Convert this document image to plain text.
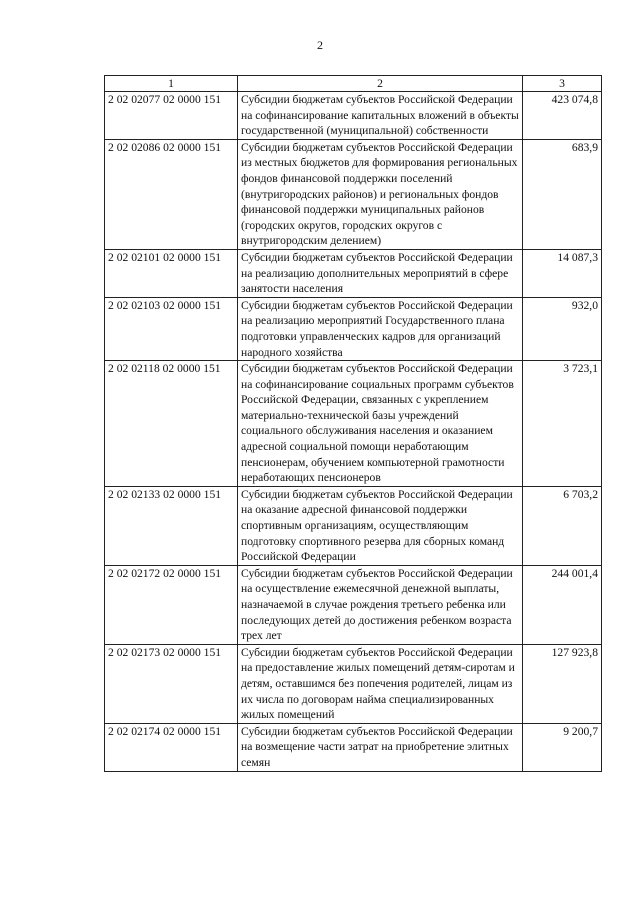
2
1	2	3
2 02 02077 02 0000 151	Субсидии бюджетам субъектов Российской Федерации на софинансирование капитальных вложений в объекты государственной (муниципальной) собственности	423 074,8
2 02 02086 02 0000 151	Субсидии бюджетам субъектов Российской Федерации из местных бюджетов для формирования региональных фондов финансовой поддержки поселений (внутригородских районов) и региональных фондов финансовой поддержки муниципальных районов (городских округов, городских округов с внутригородским делением)	683,9
2 02 02101 02 0000 151	Субсидии бюджетам субъектов Российской Федерации на реализацию дополнительных мероприятий в сфере занятости населения	14 087,3
2 02 02103 02 0000 151	Субсидии бюджетам субъектов Российской Федерации на реализацию мероприятий Государственного плана подготовки управленческих кадров для организаций народного хозяйства	932,0
2 02 02118 02 0000 151	Субсидии бюджетам субъектов Российской Федерации на софинансирование социальных программ субъектов Российской Федерации, связанных с укреплением материально-технической базы учреждений социального обслуживания населения и оказанием адресной социальной помощи неработающим пенсионерам, обучением компьютерной грамотности неработающих пенсионеров	3 723,1
2 02 02133 02 0000 151	Субсидии бюджетам субъектов Российской Федерации на оказание адресной финансовой поддержки спортивным организациям, осуществляющим подготовку спортивного резерва для сборных команд Российской Федерации	6 703,2
2 02 02172 02 0000 151	Субсидии бюджетам субъектов Российской Федерации на осуществление ежемесячной денежной выплаты, назначаемой в случае рождения третьего ребенка или последующих детей до достижения ребенком возраста трех лет	244 001,4
2 02 02173 02 0000 151	Субсидии бюджетам субъектов Российской Федерации на предоставление жилых помещений детям-сиротам и детям, оставшимся без попечения родителей, лицам из их числа по договорам найма специализированных жилых помещений	127 923,8
2 02 02174 02 0000 151	Субсидии бюджетам субъектов Российской Федерации на возмещение части затрат на приобретение элитных семян	9 200,7
